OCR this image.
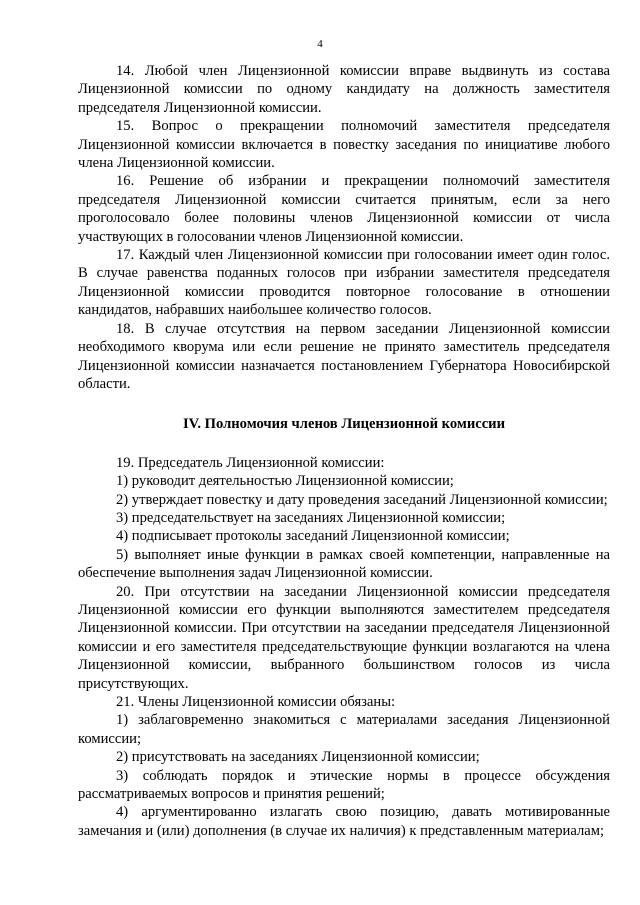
4

14. Любой член Лицензионной комиссии вправе выдвинуть из состава Лицензионной комиссии по одному кандидату на должность заместителя председателя Лицензионной комиссии.

15. Вопрос о прекращении полномочий заместителя председателя Лицензионной комиссии включается в повестку заседания по инициативе любого члена Лицензионной комиссии.

16. Решение об избрании и прекращении полномочий заместителя председателя Лицензионной комиссии считается принятым, если за него проголосовало более половины членов Лицензионной комиссии от числа участвующих в голосовании членов Лицензионной комиссии.

17. Каждый член Лицензионной комиссии при голосовании имеет один голос. В случае равенства поданных голосов при избрании заместителя председателя Лицензионной комиссии проводится повторное голосование в отношении кандидатов, набравших наибольшее количество голосов.

18. В случае отсутствия на первом заседании Лицензионной комиссии необходимого кворума или если решение не принято заместитель председателя Лицензионной комиссии назначается постановлением Губернатора Новосибирской области.

IV. Полномочия членов Лицензионной комиссии

19. Председатель Лицензионной комиссии:

1) руководит деятельностью Лицензионной комиссии;

2) утверждает повестку и дату проведения заседаний Лицензионной комиссии;

3) председательствует на заседаниях Лицензионной комиссии;

4) подписывает протоколы заседаний Лицензионной комиссии;

5) выполняет иные функции в рамках своей компетенции, направленные на обеспечение выполнения задач Лицензионной комиссии.

20. При отсутствии на заседании Лицензионной комиссии председателя Лицензионной комиссии его функции выполняются заместителем председателя Лицензионной комиссии. При отсутствии на заседании председателя Лицензионной комиссии и его заместителя председательствующие функции возлагаются на члена Лицензионной комиссии, выбранного большинством голосов из числа присутствующих.

21. Члены Лицензионной комиссии обязаны:

1) заблаговременно знакомиться с материалами заседания Лицензионной комиссии;

2) присутствовать на заседаниях Лицензионной комиссии;

3) соблюдать порядок и этические нормы в процессе обсуждения рассматриваемых вопросов и принятия решений;

4) аргументированно излагать свою позицию, давать мотивированные замечания и (или) дополнения (в случае их наличия) к представленным материалам;
